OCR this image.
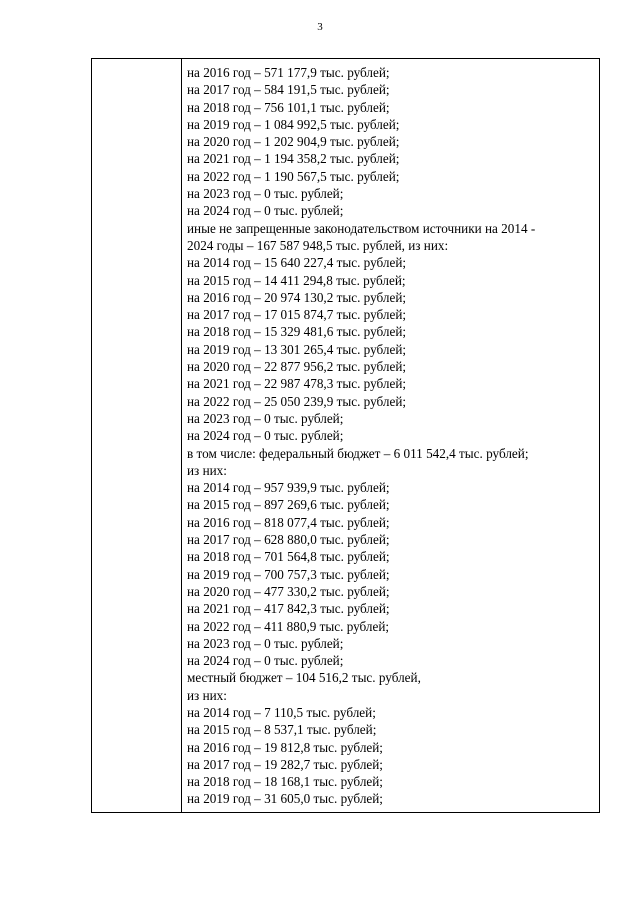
3
на 2016 год – 571 177,9 тыс. рублей;
на 2017 год – 584 191,5 тыс. рублей;
на 2018 год – 756 101,1 тыс. рублей;
на 2019 год – 1 084 992,5 тыс. рублей;
на 2020 год – 1 202 904,9 тыс. рублей;
на 2021 год – 1 194 358,2 тыс. рублей;
на 2022 год – 1 190 567,5 тыс. рублей;
на 2023 год – 0 тыс. рублей;
на 2024 год – 0 тыс. рублей;
иные не запрещенные законодательством источники на 2014 -
2024 годы – 167 587 948,5 тыс. рублей, из них:
на 2014 год – 15 640 227,4 тыс. рублей;
на 2015 год – 14 411 294,8 тыс. рублей;
на 2016 год – 20 974 130,2 тыс. рублей;
на 2017 год – 17 015 874,7 тыс. рублей;
на 2018 год – 15 329 481,6 тыс. рублей;
на 2019 год – 13 301 265,4 тыс. рублей;
на 2020 год – 22 877 956,2 тыс. рублей;
на 2021 год – 22 987 478,3 тыс. рублей;
на 2022 год – 25 050 239,9 тыс. рублей;
на 2023 год – 0 тыс. рублей;
на 2024 год – 0 тыс. рублей;
в том числе: федеральный бюджет – 6 011 542,4 тыс. рублей;
из них:
на 2014 год – 957 939,9 тыс. рублей;
на 2015 год – 897 269,6 тыс. рублей;
на 2016 год – 818 077,4 тыс. рублей;
на 2017 год – 628 880,0 тыс. рублей;
на 2018 год – 701 564,8 тыс. рублей;
на 2019 год – 700 757,3 тыс. рублей;
на 2020 год – 477 330,2 тыс. рублей;
на 2021 год – 417 842,3 тыс. рублей;
на 2022 год – 411 880,9 тыс. рублей;
на 2023 год – 0 тыс. рублей;
на 2024 год – 0 тыс. рублей;
местный бюджет – 104 516,2 тыс. рублей,
из них:
на 2014 год – 7 110,5 тыс. рублей;
на 2015 год – 8 537,1 тыс. рублей;
на 2016 год – 19 812,8 тыс. рублей;
на 2017 год – 19 282,7 тыс. рублей;
на 2018 год – 18 168,1 тыс. рублей;
на 2019 год – 31 605,0 тыс. рублей;
